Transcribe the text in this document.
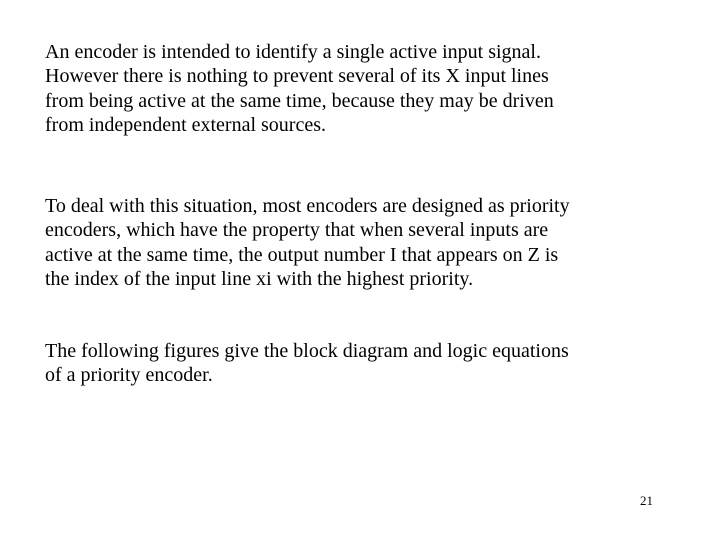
An encoder is intended to identify a single active input signal.
However there is nothing to prevent several of its X input lines
from being active at the same time, because they may be driven
from independent external sources.

To deal with this situation, most encoders are designed as priority
encoders, which have the property that when several inputs are
active at the same time, the output number I that appears on Z is
the index of the input line xi with the highest priority.

The following figures give the block diagram and logic equations
of a priority encoder.

21
